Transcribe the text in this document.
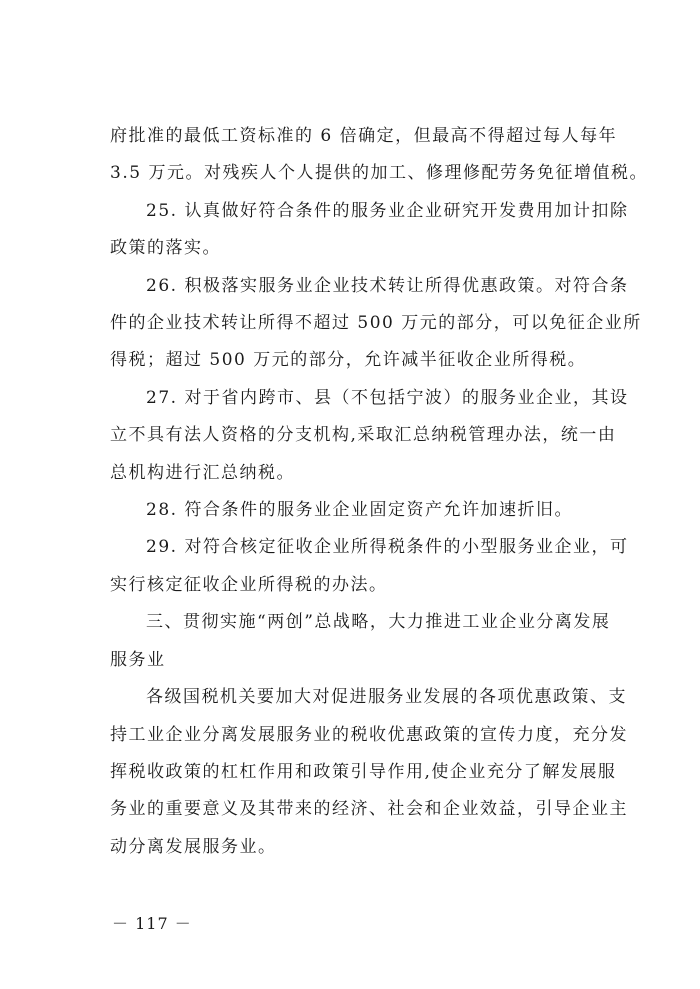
府批准的最低工资标准的 6 倍确定，但最高不得超过每人每年
3.5 万元。对残疾人个人提供的加工、修理修配劳务免征增值税。

25. 认真做好符合条件的服务业企业研究开发费用加计扣除
政策的落实。

26. 积极落实服务业企业技术转让所得优惠政策。对符合条
件的企业技术转让所得不超过 500 万元的部分，可以免征企业所
得税；超过 500 万元的部分，允许减半征收企业所得税。

27. 对于省内跨市、县（不包括宁波）的服务业企业，其设
立不具有法人资格的分支机构,采取汇总纳税管理办法，统一由
总机构进行汇总纳税。

28. 符合条件的服务业企业固定资产允许加速折旧。

29. 对符合核定征收企业所得税条件的小型服务业企业，可
实行核定征收企业所得税的办法。

三、贯彻实施“两创”总战略，大力推进工业企业分离发展
服务业

各级国税机关要加大对促进服务业发展的各项优惠政策、支
持工业企业分离发展服务业的税收优惠政策的宣传力度，充分发
挥税收政策的杠杠作用和政策引导作用,使企业充分了解发展服
务业的重要意义及其带来的经济、社会和企业效益，引导企业主
动分离发展服务业。

－ 117 －
